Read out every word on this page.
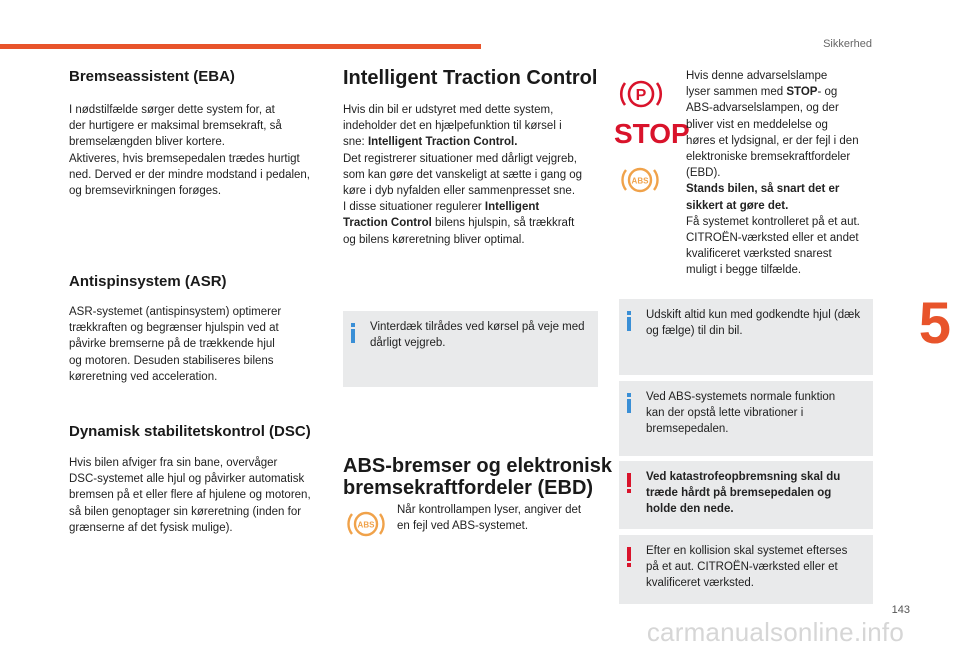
Sikkerhed
5
143
carmanualsonline.info
Bremseassistent (EBA)
I nødstilfælde sørger dette system for, at
der hurtigere er maksimal bremsekraft, så
bremselængden bliver kortere.
Aktiveres, hvis bremsepedalen trædes hurtigt
ned. Derved er der mindre modstand i pedalen,
og bremsevirkningen forøges.
Antispinsystem (ASR)
ASR-systemet (antispinsystem) optimerer
trækkraften og begrænser hjulspin ved at
påvirke bremserne på de trækkende hjul
og motoren. Desuden stabiliseres bilens
køreretning ved acceleration.
Dynamisk stabilitetskontrol (DSC)
Hvis bilen afviger fra sin bane, overvåger
DSC-systemet alle hjul og påvirker automatisk
bremsen på et eller flere af hjulene og motoren,
så bilen genoptager sin køreretning (inden for
grænserne af det fysisk mulige).
Intelligent Traction Control
Hvis din bil er udstyret med dette system,
indeholder det en hjælpefunktion til kørsel i
sne: Intelligent Traction Control.
Det registrerer situationer med dårligt vejgreb,
som kan gøre det vanskeligt at sætte i gang og
køre i dyb nyfalden eller sammenpresset sne.
I disse situationer regulerer Intelligent
Traction Control bilens hjulspin, så trækkraft
og bilens køreretning bliver optimal.
Vinterdæk tilrådes ved kørsel på veje med
dårligt vejgreb.
ABS-bremser og elektronisk
bremsekraftfordeler (EBD)
ABS
Når kontrollampen lyser, angiver det
en fejl ved ABS-systemet.
P
STOP
ABS
Hvis denne advarselslampe
lyser sammen med STOP- og
ABS-advarselslampen, og der
bliver vist en meddelelse og
høres et lydsignal, er der fejl i den
elektroniske bremsekraftfordeler
(EBD).
Stands bilen, så snart det er
sikkert at gøre det.
Få systemet kontrolleret på et aut.
CITROËN-værksted eller et andet
kvalificeret værksted snarest
muligt i begge tilfælde.
Udskift altid kun med godkendte hjul (dæk
og fælge) til din bil.
Ved ABS-systemets normale funktion
kan der opstå lette vibrationer i
bremsepedalen.
Ved katastrofeopbremsning skal du
træde hårdt på bremsepedalen og
holde den nede.
Efter en kollision skal systemet efterses
på et aut. CITROËN-værksted eller et
kvalificeret værksted.
